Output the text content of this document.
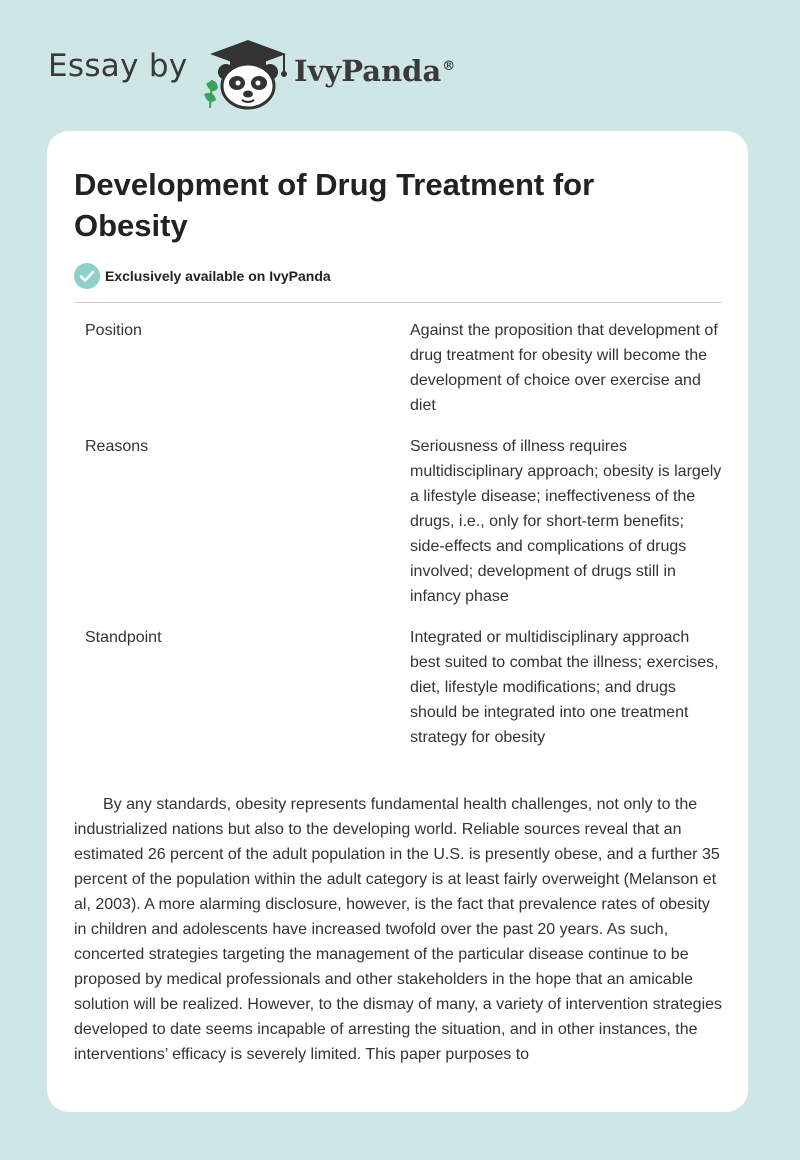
Essay by	IvyPanda®
Development of Drug Treatment for Obesity
Exclusively available on IvyPanda
Position	Against the proposition that development of drug treatment for obesity will become the development of choice over exercise and diet
Reasons	Seriousness of illness requires multidisciplinary approach; obesity is largely a lifestyle disease; ineffectiveness of the drugs, i.e., only for short-term benefits; side-effects and complications of drugs involved; development of drugs still in infancy phase
Standpoint	Integrated or multidisciplinary approach best suited to combat the illness; exercises, diet, lifestyle modifications; and drugs should be integrated into one treatment strategy for obesity

By any standards, obesity represents fundamental health challenges, not only to the industrialized nations but also to the developing world. Reliable sources reveal that an estimated 26 percent of the adult population in the U.S. is presently obese, and a further 35 percent of the population within the adult category is at least fairly overweight (Melanson et al, 2003). A more alarming disclosure, however, is the fact that prevalence rates of obesity in children and adolescents have increased twofold over the past 20 years. As such, concerted strategies targeting the management of the particular disease continue to be proposed by medical professionals and other stakeholders in the hope that an amicable solution will be realized. However, to the dismay of many, a variety of intervention strategies developed to date seems incapable of arresting the situation, and in other instances, the interventions’ efficacy is severely limited. This paper purposes to
